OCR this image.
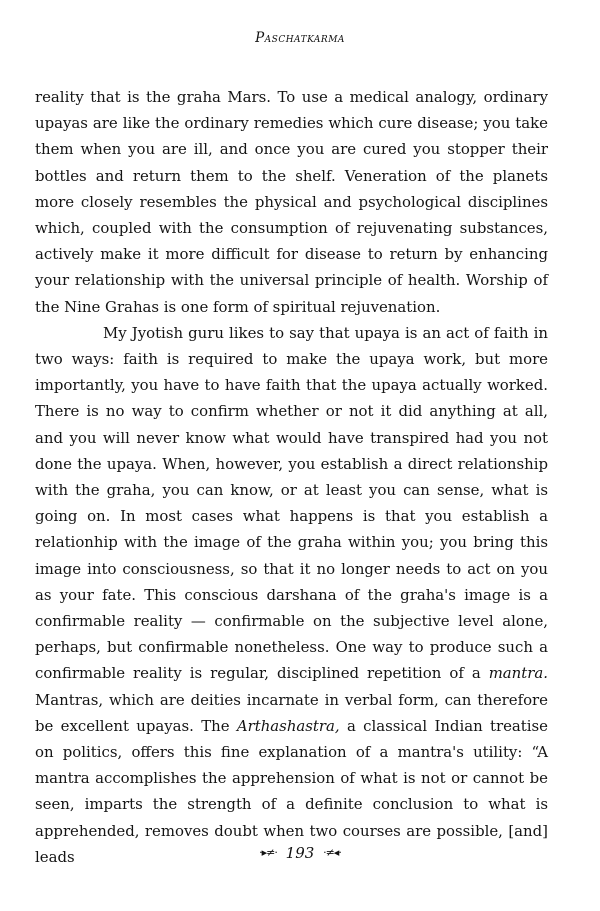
Paschatkarma

reality that is the graha Mars. To use a medical analogy, ordinary upayas are like the ordinary remedies which cure disease; you take them when you are ill, and once you are cured you stopper their bottles and return them to the shelf. Veneration of the planets more closely resembles the physical and psychological disciplines which, coupled with the consumption of rejuvenating substances, actively make it more difficult for disease to return by enhancing your relationship with the universal principle of health. Worship of the Nine Grahas is one form of spiritual rejuvenation.

My Jyotish guru likes to say that upaya is an act of faith in two ways: faith is required to make the upaya work, but more importantly, you have to have faith that the upaya actually worked. There is no way to confirm whether or not it did anything at all, and you will never know what would have transpired had you not done the upaya. When, however, you establish a direct relationship with the graha, you can know, or at least you can sense, what is going on. In most cases what happens is that you establish a relationhip with the image of the graha within you; you bring this image into consciousness, so that it no longer needs to act on you as your fate. This conscious darshana of the graha's image is a confirmable reality — confirmable on the subjective level alone, perhaps, but confirmable nonetheless. One way to produce such a confirmable reality is regular, disciplined repetition of a mantra. Mantras, which are deities incarnate in verbal form, can therefore be excellent upayas. The Arthashastra, a classical Indian treatise on politics, offers this fine explanation of a mantra's utility: “A mantra accomplishes the apprehension of what is not or cannot be seen, imparts the strength of a definite conclusion to what is apprehended, removes doubt when two courses are possible, [and] leads	·▸≠· 193 ·≠◂·
